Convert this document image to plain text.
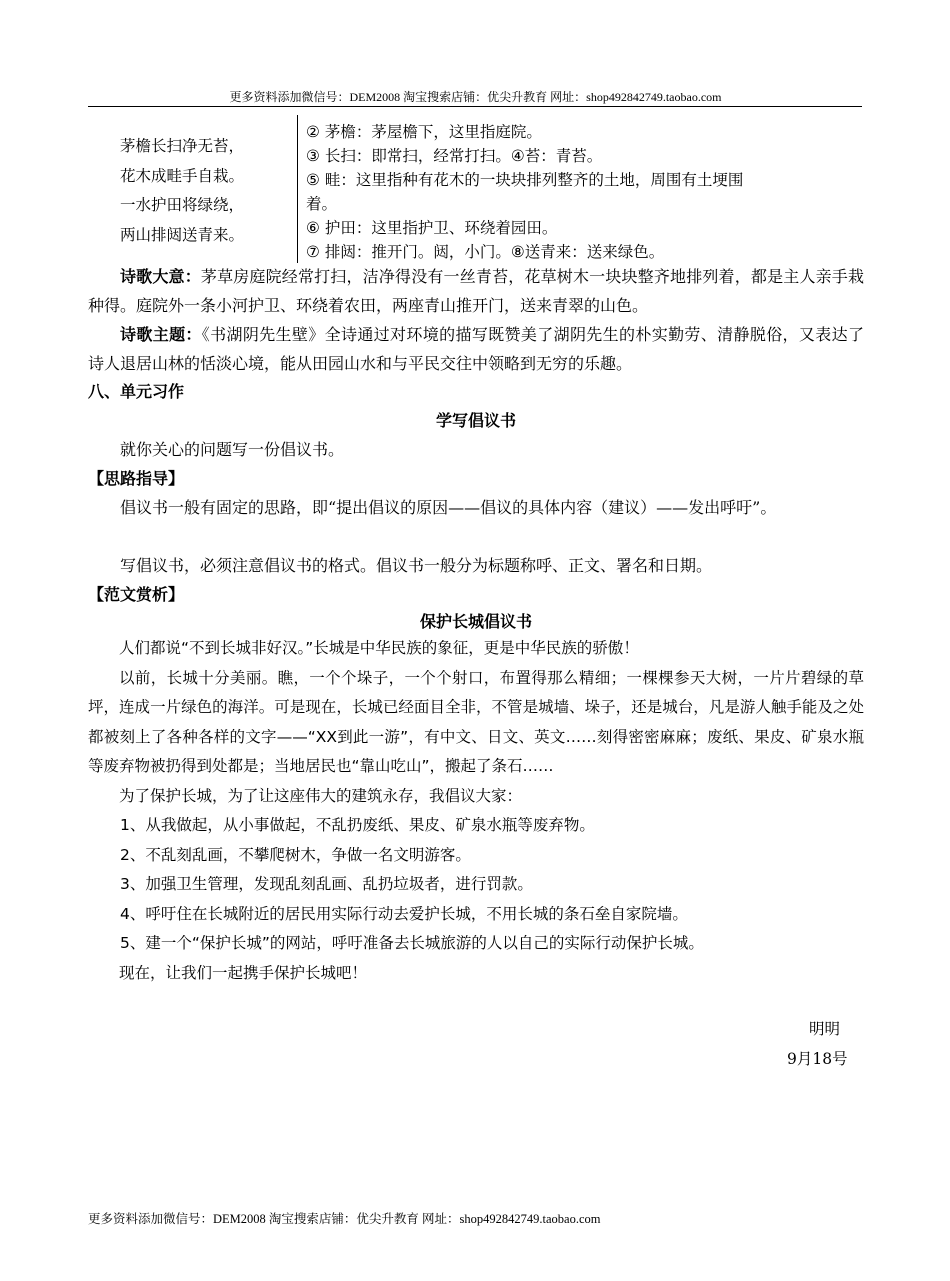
更多资料添加微信号：DEM2008 淘宝搜索店铺：优尖升教育 网址：shop492842749.taobao.com
茅檐长扫净无苔，
花木成畦手自栽。
一水护田将绿绕，
两山排闼送青来。
② 茅檐：茅屋檐下，这里指庭院。
③ 长扫：即常扫，经常打扫。④苔：青苔。
⑤ 畦：这里指种有花木的一块块排列整齐的土地，周围有土埂围
着。
⑥ 护田：这里指护卫、环绕着园田。
⑦ 排闼：推开门。闼，小门。⑧送青来：送来绿色。
诗歌大意：茅草房庭院经常打扫，洁净得没有一丝青苔，花草树木一块块整齐地排列着，都是主人亲手栽种得。庭院外一条小河护卫、环绕着农田，两座青山推开门，送来青翠的山色。
诗歌主题：《书湖阴先生壁》全诗通过对环境的描写既赞美了湖阴先生的朴实勤劳、清静脱俗，又表达了诗人退居山林的恬淡心境，能从田园山水和与平民交往中领略到无穷的乐趣。
八、单元习作
学写倡议书
就你关心的问题写一份倡议书。
【思路指导】
倡议书一般有固定的思路，即“提出倡议的原因——倡议的具体内容（建议）——发出呼吁”。
写倡议书，必须注意倡议书的格式。倡议书一般分为标题称呼、正文、署名和日期。
【范文赏析】
保护长城倡议书
人们都说“不到长城非好汉。”长城是中华民族的象征，更是中华民族的骄傲！
以前，长城十分美丽。瞧，一个个垛子，一个个射口，布置得那么精细；一棵棵参天大树，一片片碧绿的草坪，连成一片绿色的海洋。可是现在，长城已经面目全非，不管是城墙、垛子，还是城台，凡是游人触手能及之处都被刻上了各种各样的文字——“XX到此一游”，有中文、日文、英文……刻得密密麻麻；废纸、果皮、矿泉水瓶等废弃物被扔得到处都是；当地居民也“靠山吃山”，搬起了条石……
为了保护长城，为了让这座伟大的建筑永存，我倡议大家：
1、从我做起，从小事做起，不乱扔废纸、果皮、矿泉水瓶等废弃物。
2、不乱刻乱画，不攀爬树木，争做一名文明游客。
3、加强卫生管理，发现乱刻乱画、乱扔垃圾者，进行罚款。
4、呼吁住在长城附近的居民用实际行动去爱护长城，不用长城的条石垒自家院墙。
5、建一个“保护长城”的网站，呼吁准备去长城旅游的人以自己的实际行动保护长城。
现在，让我们一起携手保护长城吧！
明明
9月18号
更多资料添加微信号：DEM2008 淘宝搜索店铺：优尖升教育 网址：shop492842749.taobao.com
